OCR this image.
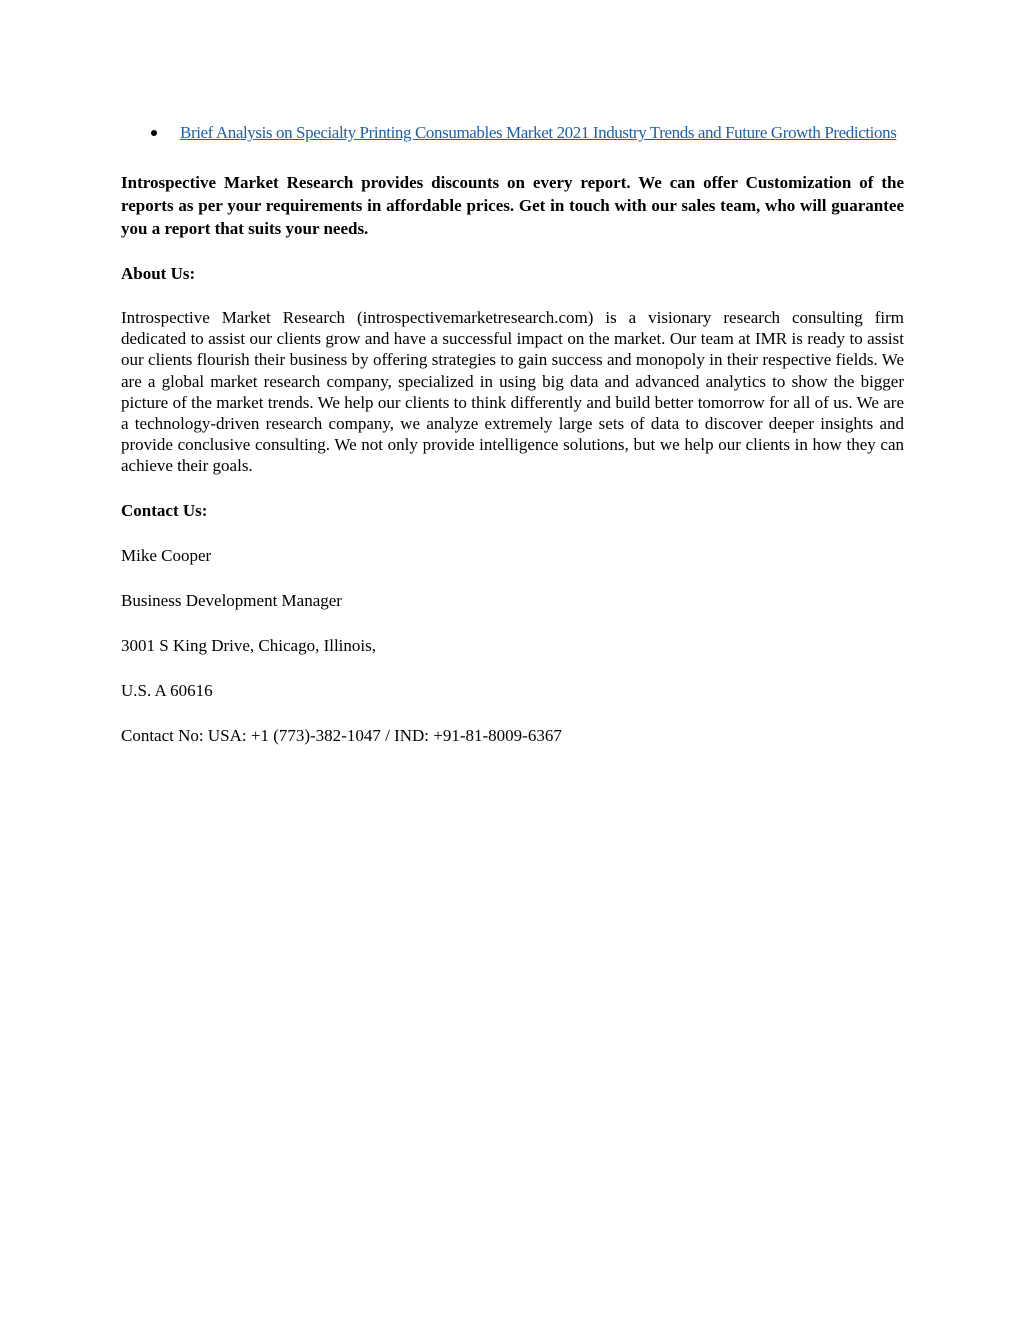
Brief Analysis on Specialty Printing Consumables Market 2021 Industry Trends and Future Growth Predictions

Introspective Market Research provides discounts on every report. We can offer Customization of the reports as per your requirements in affordable prices. Get in touch with our sales team, who will guarantee you a report that suits your needs.

About Us:

Introspective Market Research (introspectivemarketresearch.com) is a visionary research consulting firm dedicated to assist our clients grow and have a successful impact on the market. Our team at IMR is ready to assist our clients flourish their business by offering strategies to gain success and monopoly in their respective fields. We are a global market research company, specialized in using big data and advanced analytics to show the bigger picture of the market trends. We help our clients to think differently and build better tomorrow for all of us. We are a technology-driven research company, we analyze extremely large sets of data to discover deeper insights and provide conclusive consulting. We not only provide intelligence solutions, but we help our clients in how they can achieve their goals.

Contact Us:

Mike Cooper

Business Development Manager

3001 S King Drive, Chicago, Illinois,

U.S. A 60616

Contact No: USA: +1 (773)-382-1047 / IND: +91-81-8009-6367
